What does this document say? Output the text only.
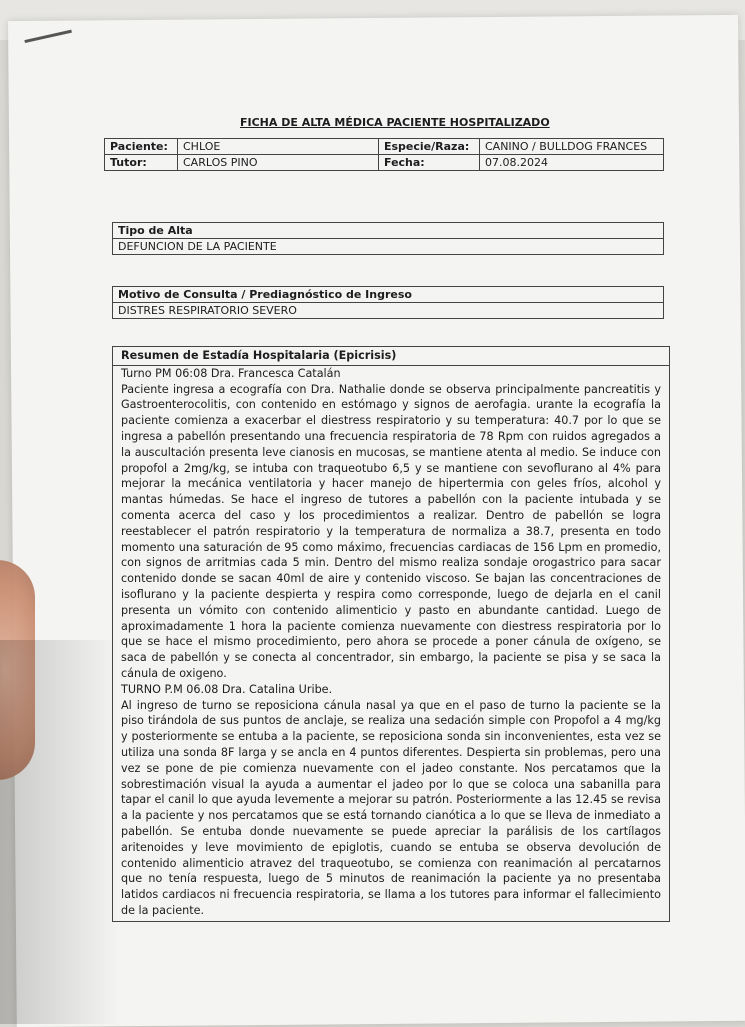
FICHA DE ALTA MÉDICA PACIENTE HOSPITALIZADO
Paciente:	CHLOE	Especie/Raza:	CANINO / BULLDOG FRANCES
Tutor:	CARLOS PINO	Fecha:	07.08.2024
Tipo de Alta
DEFUNCION DE LA PACIENTE
Motivo de Consulta / Prediagnóstico de Ingreso
DISTRES RESPIRATORIO SEVERO
Resumen de Estadía Hospitalaria (Epicrisis)

Turno PM 06:08 Dra. Francesca Catalán

Paciente ingresa a ecografía con Dra. Nathalie donde se observa principalmente pancreatitis y Gastroenterocolitis, con contenido en estómago y signos de aerofagia. urante la ecografía la paciente comienza a exacerbar el diestress respiratorio y su temperatura: 40.7 por lo que se ingresa a pabellón presentando una frecuencia respiratoria de 78 Rpm con ruidos agregados a la auscultación presenta leve cianosis en mucosas, se mantiene atenta al medio. Se induce con propofol a 2mg/kg, se intuba con traqueotubo 6,5 y se mantiene con sevoflurano al 4% para mejorar la mecánica ventilatoria y hacer manejo de hipertermia con geles fríos, alcohol y mantas húmedas. Se hace el ingreso de tutores a pabellón con la paciente intubada y se comenta acerca del caso y los procedimientos a realizar. Dentro de pabellón se logra reestablecer el patrón respiratorio y la temperatura de normaliza a 38.7, presenta en todo momento una saturación de 95 como máximo, frecuencias cardiacas de 156 Lpm en promedio, con signos de arritmias cada 5 min. Dentro del mismo realiza sondaje orogastrico para sacar contenido donde se sacan 40ml de aire y contenido viscoso. Se bajan las concentraciones de isoflurano y la paciente despierta y respira como corresponde, luego de dejarla en el canil presenta un vómito con contenido alimenticio y pasto en abundante cantidad. Luego de aproximadamente 1 hora la paciente comienza nuevamente con diestress respiratoria por lo que se hace el mismo procedimiento, pero ahora se procede a poner cánula de oxígeno, se saca de pabellón y se conecta al concentrador, sin embargo, la paciente se pisa y se saca la cánula de oxigeno.

TURNO P.M 06.08 Dra. Catalina Uribe.

Al ingreso de turno se reposiciona cánula nasal ya que en el paso de turno la paciente se la piso tirándola de sus puntos de anclaje, se realiza una sedación simple con Propofol a 4 mg/kg y posteriormente se entuba a la paciente, se reposiciona sonda sin inconvenientes, esta vez se utiliza una sonda 8F larga y se ancla en 4 puntos diferentes. Despierta sin problemas, pero una vez se pone de pie comienza nuevamente con el jadeo constante. Nos percatamos que la sobrestimación visual la ayuda a aumentar el jadeo por lo que se coloca una sabanilla para tapar el canil lo que ayuda levemente a mejorar su patrón. Posteriormente a las 12.45 se revisa a la paciente y nos percatamos que se está tornando cianótica a lo que se lleva de inmediato a pabellón. Se entuba donde nuevamente se puede apreciar la parálisis de los cartílagos aritenoides y leve movimiento de epiglotis, cuando se entuba se observa devolución de contenido alimenticio atravez del traqueotubo, se comienza con reanimación al percatarnos que no tenía respuesta, luego de 5 minutos de reanimación la paciente ya no presentaba latidos cardiacos ni frecuencia respiratoria, se llama a los tutores para informar el fallecimiento de la paciente.
